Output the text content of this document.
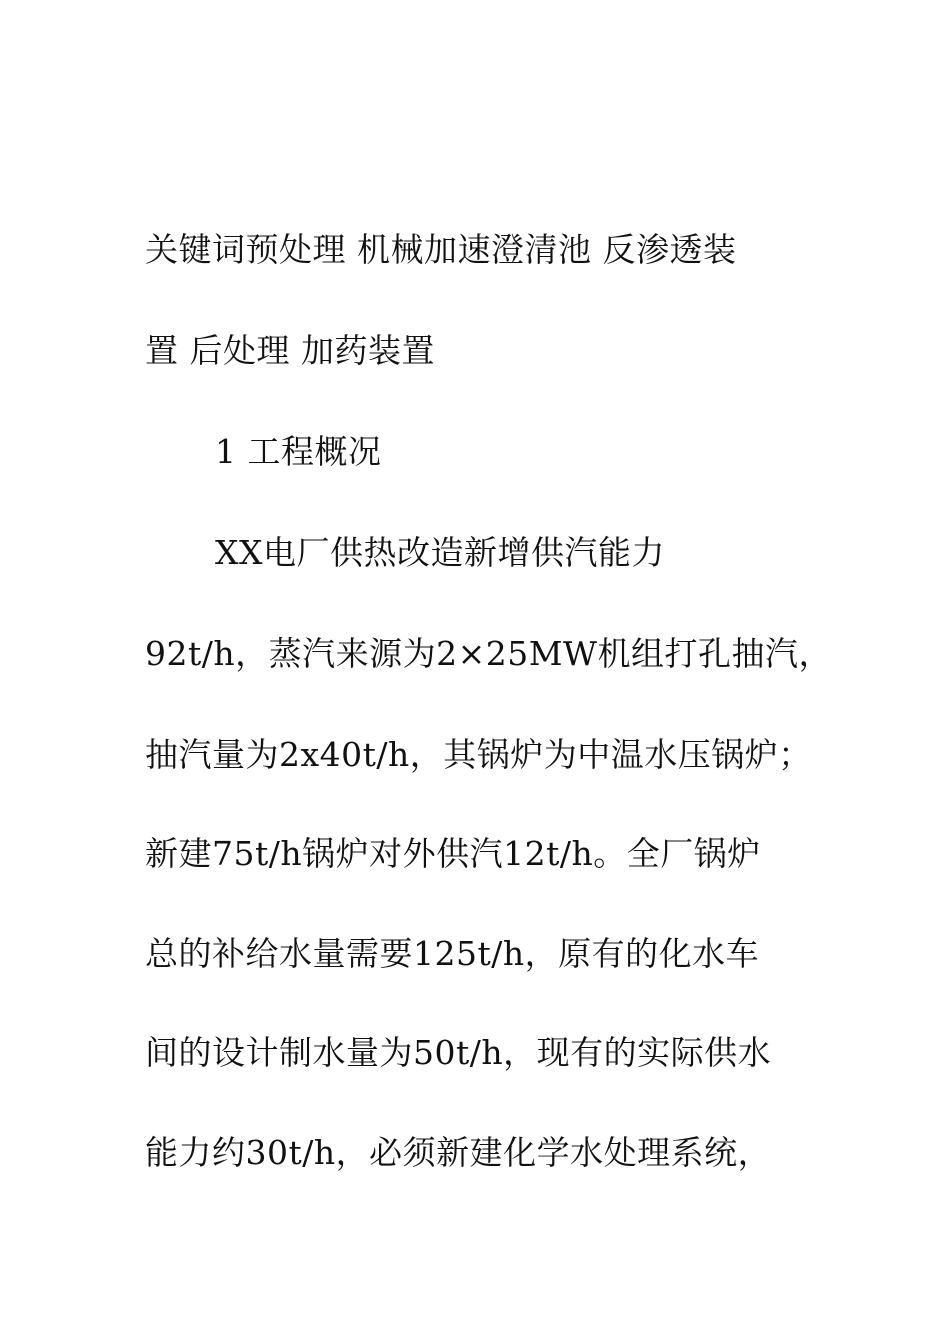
关键词预处理 机械加速澄清池 反渗透装
置 后处理 加药装置
1 工程概况
XX电厂供热改造新增供汽能力
92t/h，蒸汽来源为2×25MW机组打孔抽汽，
抽汽量为2x40t/h，其锅炉为中温水压锅炉；
新建75t/h锅炉对外供汽12t/h。全厂锅炉
总的补给水量需要125t/h，原有的化水车
间的设计制水量为50t/h，现有的实际供水
能力约30t/h，必须新建化学水处理系统，
